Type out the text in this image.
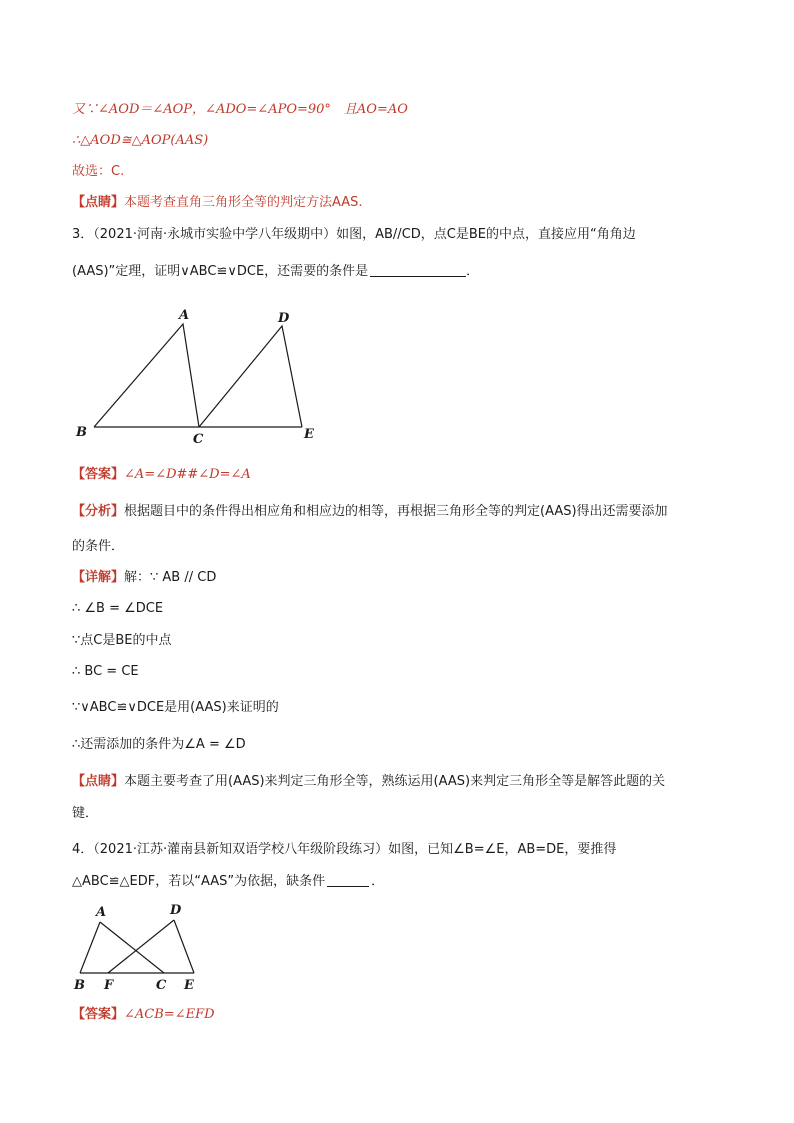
又∵∠AOD＝∠AOP，∠ADO=∠APO=90°　且AO=AO
∴△AOD≅△AOP(AAS)
故选：C.
【点睛】本题考查直角三角形全等的判定方法AAS.
3．（2021·河南·永城市实验中学八年级期中）如图，AB//CD，点C是BE的中点，直接应用“角角边
(AAS)”定理，证明∨ABC≌∨DCE，还需要的条件是	．
A	D
B	C	E
【答案】∠A=∠D##∠D=∠A
【分析】根据题目中的条件得出相应角和相应边的相等，再根据三角形全等的判定(AAS)得出还需要添加
的条件．
【详解】解：∵ AB // CD
∴ ∠B = ∠DCE
∵点C是BE的中点
∴ BC = CE
∵∨ABC≌∨DCE是用(AAS)来证明的
∴还需添加的条件为∠A = ∠D
【点睛】本题主要考查了用(AAS)来判定三角形全等，熟练运用(AAS)来判定三角形全等是解答此题的关
键．
4．（2021·江苏·灌南县新知双语学校八年级阶段练习）如图，已知∠B=∠E，AB=DE，要推得
△ABC≌△EDF，若以“AAS”为依据，缺条件	．
A	D
B F	C E
【答案】∠ACB=∠EFD
